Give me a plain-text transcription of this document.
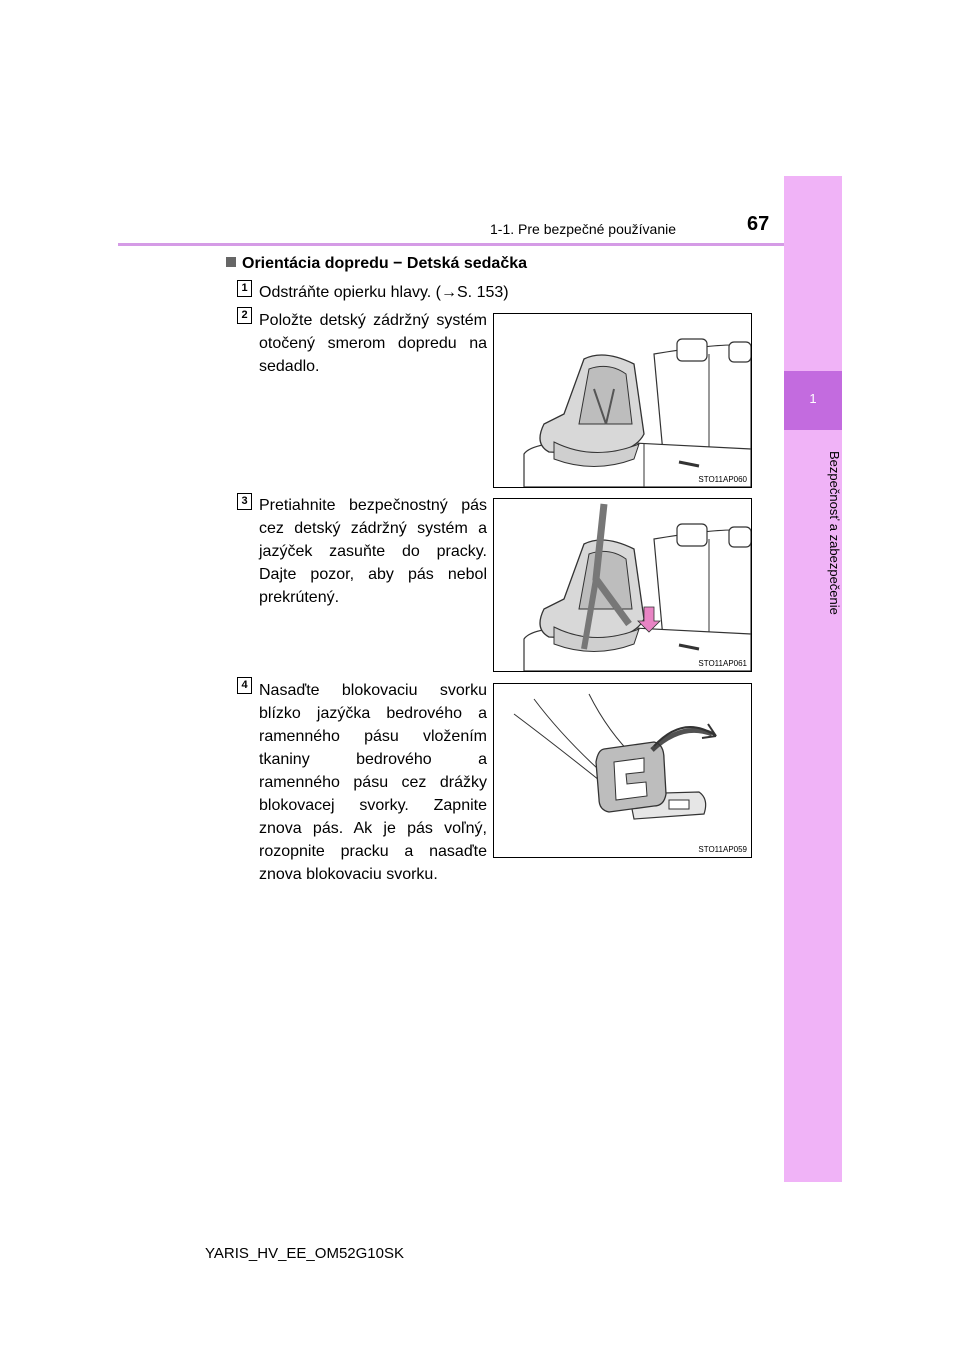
1-1. Pre bezpečné používanie	67
1
Bezpečnosť a zabezpečenie
Orientácia dopredu − Detská sedačka
1 Odstráňte opierku hlavy. (→S. 153)
2 Položte detský zádržný systém otočený smerom dopredu na sedadlo.
STO11AP060
3 Pretiahnite bezpečnostný pás cez detský zádržný systém a jazýček zasuňte do pracky. Dajte pozor, aby pás nebol prekrútený.
STO11AP061
4 Nasaďte blokovaciu svorku blízko jazýčka bedrového a ramenného pásu vložením tkaniny bedrového a ramenného pásu cez drážky blokovacej svorky. Zapnite znova pás. Ak je pás voľný, rozopnite pracku a nasaďte znova blokovaciu svorku.
STO11AP059
YARIS_HV_EE_OM52G10SK
